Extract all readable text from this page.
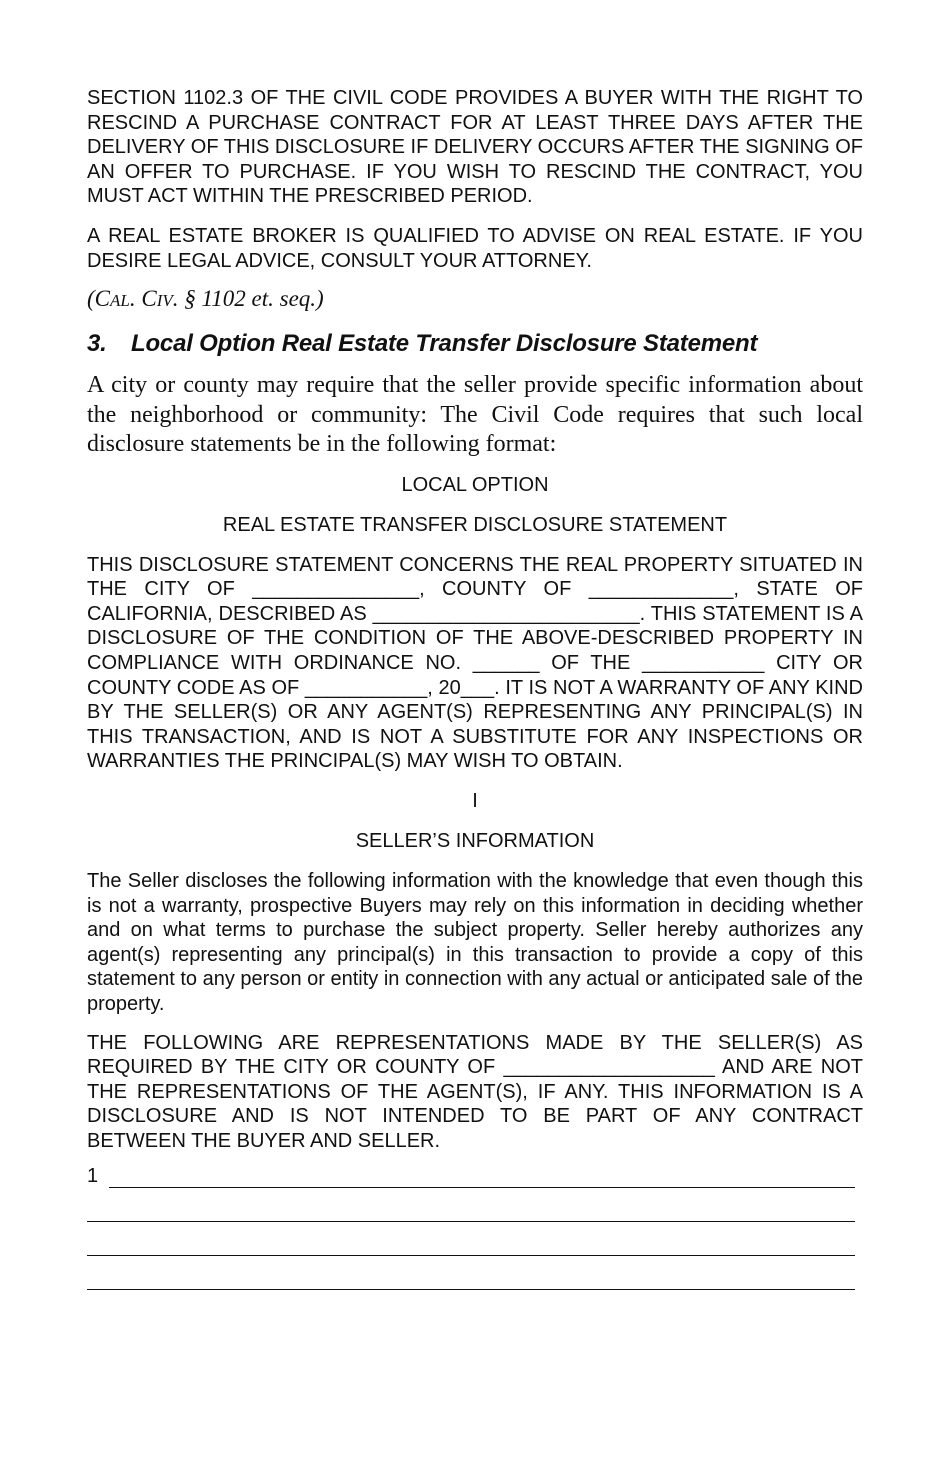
SECTION 1102.3 OF THE CIVIL CODE PROVIDES A BUYER WITH THE RIGHT TO RESCIND A PURCHASE CONTRACT FOR AT LEAST THREE DAYS AFTER THE DELIVERY OF THIS DISCLOSURE IF DELIVERY OCCURS AFTER THE SIGNING OF AN OFFER TO PURCHASE. IF YOU WISH TO RESCIND THE CONTRACT, YOU MUST ACT WITHIN THE PRESCRIBED PERIOD.

A REAL ESTATE BROKER IS QUALIFIED TO ADVISE ON REAL ESTATE. IF YOU DESIRE LEGAL ADVICE, CONSULT YOUR ATTORNEY.

(CAL. CIV. § 1102 et. seq.)

3. Local Option Real Estate Transfer Disclosure Statement

A city or county may require that the seller provide specific information about the neighborhood or community: The Civil Code requires that such local disclosure statements be in the following format:

LOCAL OPTION

REAL ESTATE TRANSFER DISCLOSURE STATEMENT

THIS DISCLOSURE STATEMENT CONCERNS THE REAL PROPERTY SITUATED IN THE CITY OF _______________, COUNTY OF _____________, STATE OF CALIFORNIA, DESCRIBED AS ________________________. THIS STATEMENT IS A DISCLOSURE OF THE CONDITION OF THE ABOVE-DESCRIBED PROPERTY IN COMPLIANCE WITH ORDINANCE NO. ______ OF THE ___________ CITY OR COUNTY CODE AS OF ___________, 20___. IT IS NOT A WARRANTY OF ANY KIND BY THE SELLER(S) OR ANY AGENT(S) REPRESENTING ANY PRINCIPAL(S) IN THIS TRANSACTION, AND IS NOT A SUBSTITUTE FOR ANY INSPECTIONS OR WARRANTIES THE PRINCIPAL(S) MAY WISH TO OBTAIN.

I

SELLER’S INFORMATION

The Seller discloses the following information with the knowledge that even though this is not a warranty, prospective Buyers may rely on this information in deciding whether and on what terms to purchase the subject property. Seller hereby authorizes any agent(s) representing any principal(s) in this transaction to provide a copy of this statement to any person or entity in connection with any actual or anticipated sale of the property.

THE FOLLOWING ARE REPRESENTATIONS MADE BY THE SELLER(S) AS REQUIRED BY THE CITY OR COUNTY OF ___________________ AND ARE NOT THE REPRESENTATIONS OF THE AGENT(S), IF ANY. THIS INFORMATION IS A DISCLOSURE AND IS NOT INTENDED TO BE PART OF ANY CONTRACT BETWEEN THE BUYER AND SELLER.

1
